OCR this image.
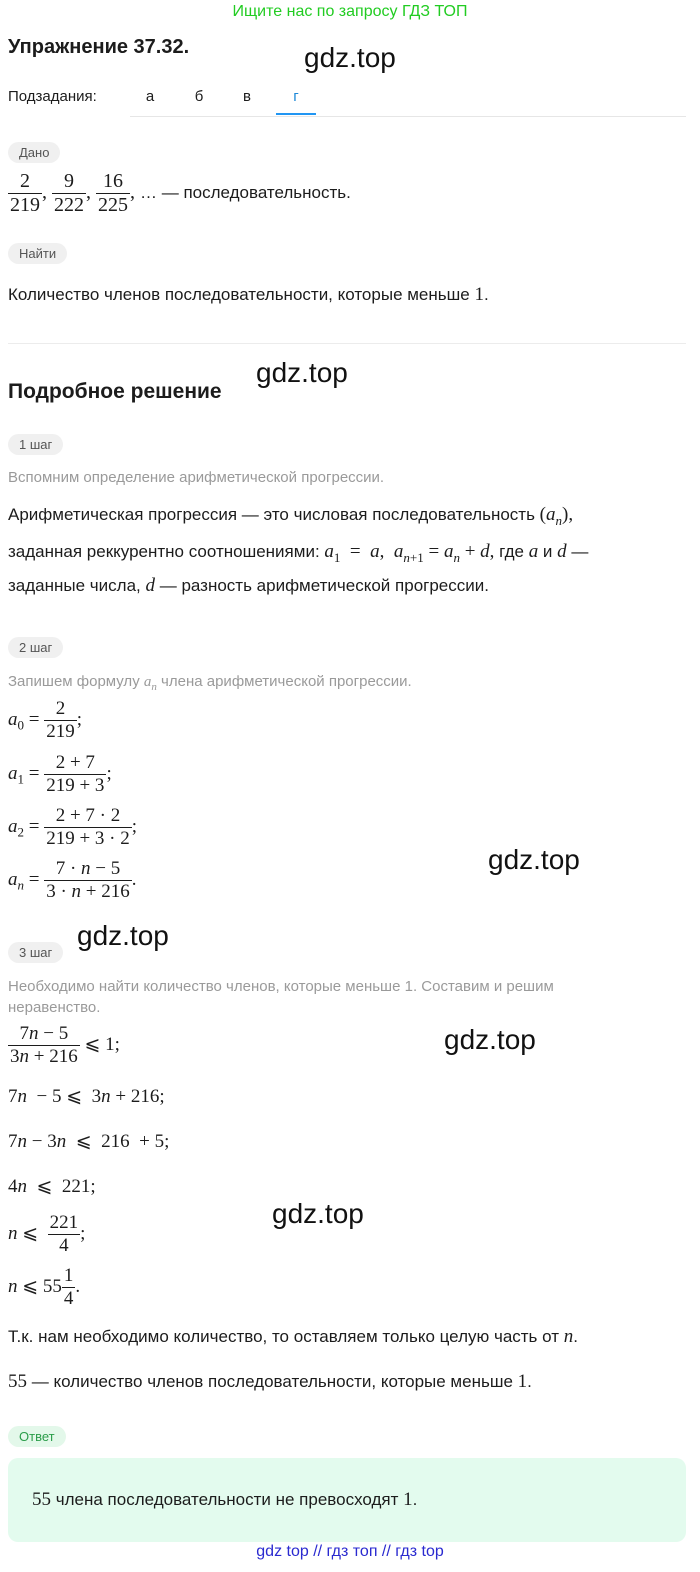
Ищите нас по запросу ГДЗ ТОП
Упражнение 37.32.	gdz.top
Подзадания:	а	б	в	г
Дано
$\frac{2}{219}$ , $\frac{9}{222}$ , $\frac{16}{225}$ , … — последовательность.
Найти
Количество членов последовательности, которые меньше 1.
Подробное решение
gdz.top
1 шаг
Вспомним определение арифметической прогрессии.
Арифметическая прогрессия — это числовая последовательность $(a_n)$,
заданная реккурентно соотношениями: $a_1 = a$,  $a_{n+1} = a_n + d$, где a и d —
заданные числа, d — разность арифметической прогрессии.
2 шаг
Запишем формулу $a_n$ члена арифметической прогрессии.
$a_0 = \frac{2}{219}$ ;
$a_1 = \frac{2 + 7}{219 + 3}$ ;
$a_2 = \frac{2 + 7 \cdot 2}{219 + 3 \cdot 2}$ ;
$a_n = \frac{7 \cdot n - 5}{3 \cdot n + 216}$ .
gdz.top
3 шаг
gdz.top
Необходимо найти количество членов, которые меньше 1. Составим и решим неравенство.
$\frac{7n - 5}{3n + 216}$ ⩽ 1;	gdz.top
7n  − 5 ⩽  3n + 216;
7n − 3n  ⩽  216  + 5;
4n  ⩽  221;
n ⩽ $\frac{221}{4}$ ;
gdz.top
n ⩽ $55 \frac{1}{4}$ .
Т.к. нам необходимо количество, то оставляем только целую часть от n.
55 — количество членов последовательности, которые меньше 1.
Ответ
55 члена последовательности не превосходят 1.
gdz top // гдз топ // гдз top
